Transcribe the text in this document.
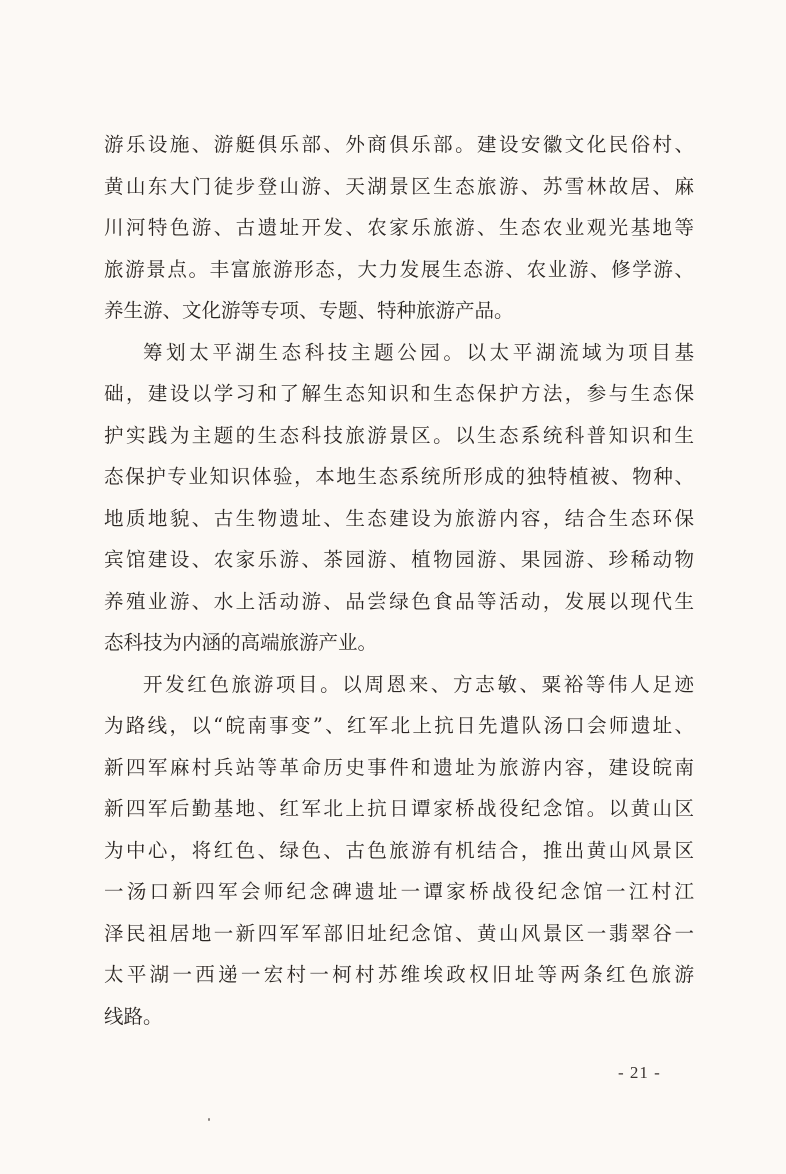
游乐设施、游艇俱乐部、外商俱乐部。建设安徽文化民俗村、
黄山东大门徒步登山游、天湖景区生态旅游、苏雪林故居、麻
川河特色游、古遗址开发、农家乐旅游、生态农业观光基地等
旅游景点。丰富旅游形态，大力发展生态游、农业游、修学游、
养生游、文化游等专项、专题、特种旅游产品。
筹划太平湖生态科技主题公园。以太平湖流域为项目基
础，建设以学习和了解生态知识和生态保护方法，参与生态保
护实践为主题的生态科技旅游景区。以生态系统科普知识和生
态保护专业知识体验，本地生态系统所形成的独特植被、物种、
地质地貌、古生物遗址、生态建设为旅游内容，结合生态环保
宾馆建设、农家乐游、茶园游、植物园游、果园游、珍稀动物
养殖业游、水上活动游、品尝绿色食品等活动，发展以现代生
态科技为内涵的高端旅游产业。
开发红色旅游项目。以周恩来、方志敏、粟裕等伟人足迹
为路线，以“皖南事变”、红军北上抗日先遣队汤口会师遗址、
新四军麻村兵站等革命历史事件和遗址为旅游内容，建设皖南
新四军后勤基地、红军北上抗日谭家桥战役纪念馆。以黄山区
为中心，将红色、绿色、古色旅游有机结合，推出黄山风景区
一汤口新四军会师纪念碑遗址一谭家桥战役纪念馆一江村江
泽民祖居地一新四军军部旧址纪念馆、黄山风景区一翡翠谷一
太平湖一西递一宏村一柯村苏维埃政权旧址等两条红色旅游
线路。
- 21 -
